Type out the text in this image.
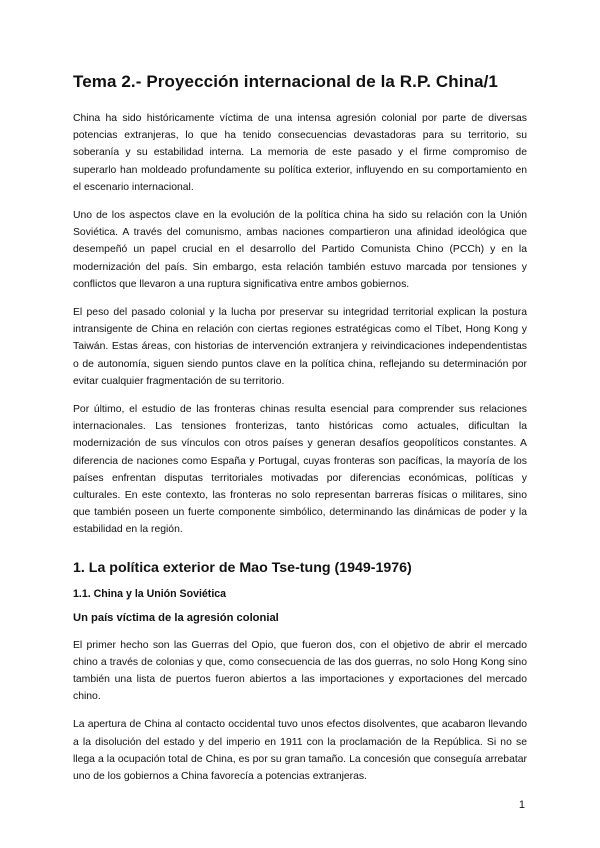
Tema 2.- Proyección internacional de la R.P. China/1

China ha sido históricamente víctima de una intensa agresión colonial por parte de diversas potencias extranjeras, lo que ha tenido consecuencias devastadoras para su territorio, su soberanía y su estabilidad interna. La memoria de este pasado y el firme compromiso de superarlo han moldeado profundamente su política exterior, influyendo en su comportamiento en el escenario internacional.

Uno de los aspectos clave en la evolución de la política china ha sido su relación con la Unión Soviética. A través del comunismo, ambas naciones compartieron una afinidad ideológica que desempeñó un papel crucial en el desarrollo del Partido Comunista Chino (PCCh) y en la modernización del país. Sin embargo, esta relación también estuvo marcada por tensiones y conflictos que llevaron a una ruptura significativa entre ambos gobiernos.

El peso del pasado colonial y la lucha por preservar su integridad territorial explican la postura intransigente de China en relación con ciertas regiones estratégicas como el Tíbet, Hong Kong y Taiwán. Estas áreas, con historias de intervención extranjera y reivindicaciones independentistas o de autonomía, siguen siendo puntos clave en la política china, reflejando su determinación por evitar cualquier fragmentación de su territorio.

Por último, el estudio de las fronteras chinas resulta esencial para comprender sus relaciones internacionales. Las tensiones fronterizas, tanto históricas como actuales, dificultan la modernización de sus vínculos con otros países y generan desafíos geopolíticos constantes. A diferencia de naciones como España y Portugal, cuyas fronteras son pacíficas, la mayoría de los países enfrentan disputas territoriales motivadas por diferencias económicas, políticas y culturales. En este contexto, las fronteras no solo representan barreras físicas o militares, sino que también poseen un fuerte componente simbólico, determinando las dinámicas de poder y la estabilidad en la región.

1. La política exterior de Mao Tse-tung (1949-1976)
1.1. China y la Unión Soviética
Un país víctima de la agresión colonial

El primer hecho son las Guerras del Opio, que fueron dos, con el objetivo de abrir el mercado chino a través de colonias y que, como consecuencia de las dos guerras, no solo Hong Kong sino también una lista de puertos fueron abiertos a las importaciones y exportaciones del mercado chino.

La apertura de China al contacto occidental tuvo unos efectos disolventes, que acabaron llevando a la disolución del estado y del imperio en 1911 con la proclamación de la República. Si no se llega a la ocupación total de China, es por su gran tamaño. La concesión que conseguía arrebatar uno de los gobiernos a China favorecía a potencias extranjeras.

1
